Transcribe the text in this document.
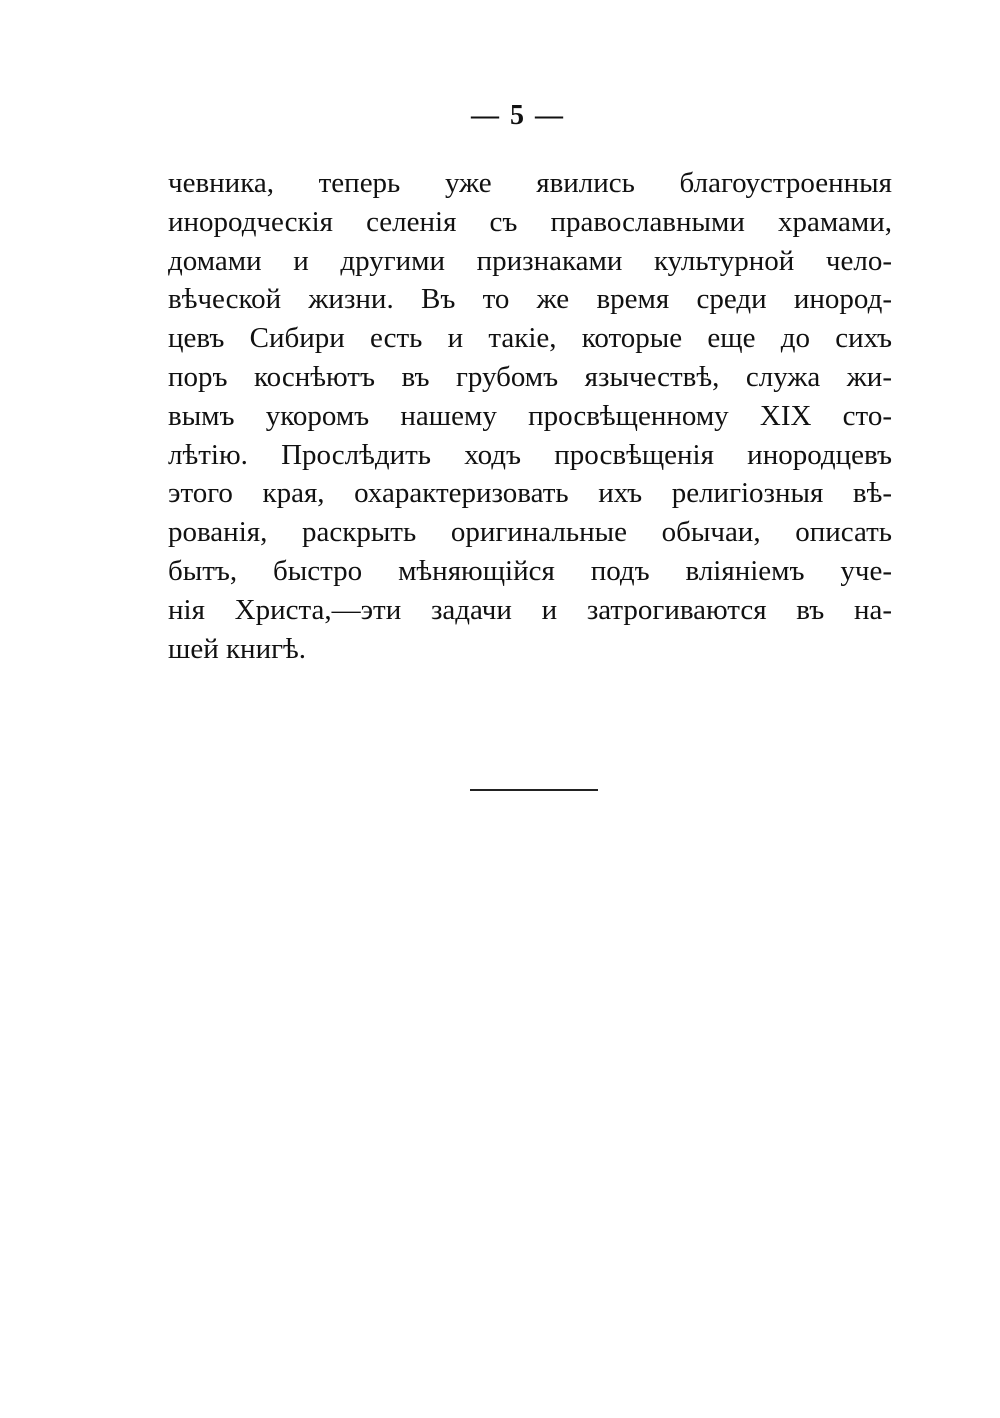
— 5 —
чевника, теперь уже явились благоустроенныя
инородческія селенія съ православными храмами,
домами и другими признаками культурной чело-
вѣческой жизни. Въ то же время среди инород-
цевъ Сибири есть и такіе, которые еще до сихъ
поръ коснѣютъ въ грубомъ язычествѣ, служа жи-
вымъ укоромъ нашему просвѣщенному XIX сто-
лѣтію. Прослѣдить ходъ просвѣщенія инородцевъ
этого края, охарактеризовать ихъ религіозныя вѣ-
рованія, раскрыть оригинальные обычаи, описать
бытъ, быстро мѣняющійся подъ вліяніемъ уче-
нія Христа,—эти задачи и затрогиваются въ на-
шей книгѣ.
